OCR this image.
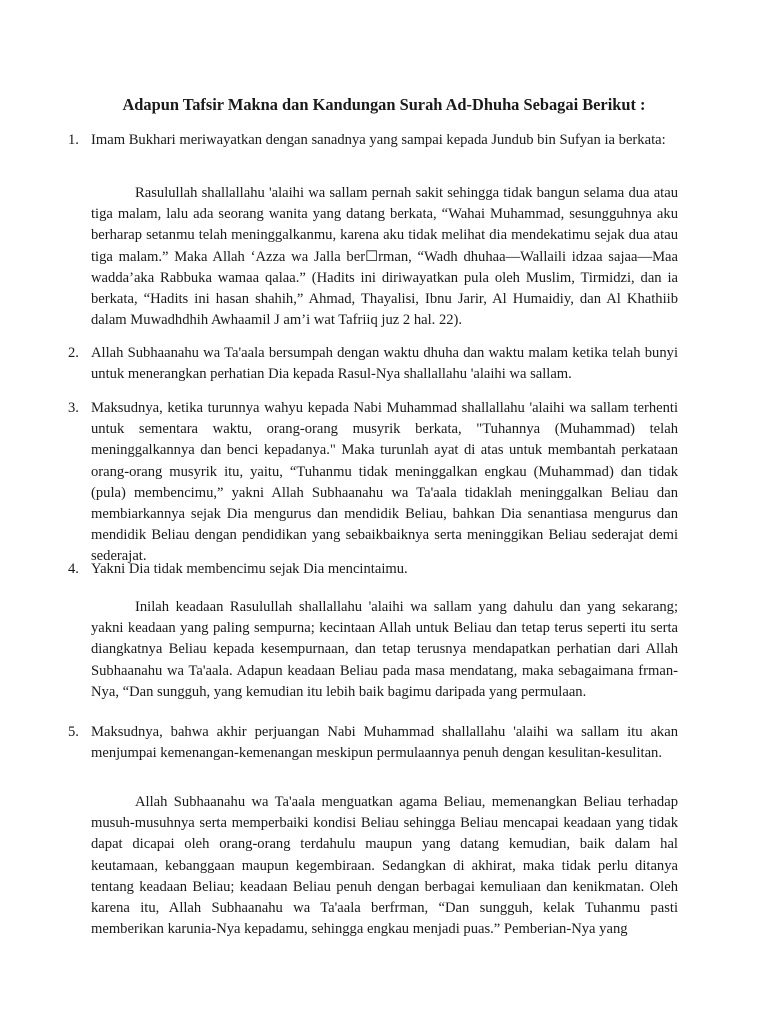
Adapun Tafsir Makna dan Kandungan Surah Ad-Dhuha Sebagai Berikut :
1. Imam Bukhari meriwayatkan dengan sanadnya yang sampai kepada Jundub bin Sufyan ia berkata:
Rasulullah shallallahu 'alaihi wa sallam pernah sakit sehingga tidak bangun selama dua atau tiga malam, lalu ada seorang wanita yang datang berkata, “Wahai Muhammad, sesungguhnya aku berharap setanmu telah meninggalkanmu, karena aku tidak melihat dia mendekatimu sejak dua atau tiga malam.” Maka Allah ‘Azza wa Jalla ber☐rman, “Wadh dhuhaa—Wallaili idzaa sajaa—Maa wadda’aka Rabbuka wamaa qalaa.” (Hadits ini diriwayatkan pula oleh Muslim, Tirmidzi, dan ia berkata, “Hadits ini hasan shahih,” Ahmad, Thayalisi, Ibnu Jarir, Al Humaidiy, dan Al Khathiib dalam Muwadhdhih Awhaamil J am’i wat Tafriiq juz 2 hal. 22).
2. Allah Subhaanahu wa Ta'aala bersumpah dengan waktu dhuha dan waktu malam ketika telah bunyi untuk menerangkan perhatian Dia kepada Rasul-Nya shallallahu 'alaihi wa sallam.
3. Maksudnya, ketika turunnya wahyu kepada Nabi Muhammad shallallahu 'alaihi wa sallam terhenti untuk sementara waktu, orang-orang musyrik berkata, "Tuhannya (Muhammad) telah meninggalkannya dan benci kepadanya." Maka turunlah ayat di atas untuk membantah perkataan orang-orang musyrik itu, yaitu, “Tuhanmu tidak meninggalkan engkau (Muhammad) dan tidak (pula) membencimu,” yakni Allah Subhaanahu wa Ta'aala tidaklah meninggalkan Beliau dan membiarkannya sejak Dia mengurus dan mendidik Beliau, bahkan Dia senantiasa mengurus dan mendidik Beliau dengan pendidikan yang sebaikbaiknya serta meninggikan Beliau sederajat demi sederajat.
4. Yakni Dia tidak membencimu sejak Dia mencintaimu.
Inilah keadaan Rasulullah shallallahu 'alaihi wa sallam yang dahulu dan yang sekarang; yakni keadaan yang paling sempurna; kecintaan Allah untuk Beliau dan tetap terus seperti itu serta diangkatnya Beliau kepada kesempurnaan, dan tetap terusnya mendapatkan perhatian dari Allah Subhaanahu wa Ta'aala. Adapun keadaan Beliau pada masa mendatang, maka sebagaimana frman-Nya, “Dan sungguh, yang kemudian itu lebih baik bagimu daripada yang permulaan.
5. Maksudnya, bahwa akhir perjuangan Nabi Muhammad shallallahu 'alaihi wa sallam itu akan menjumpai kemenangan-kemenangan meskipun permulaannya penuh dengan kesulitan-kesulitan.
Allah Subhaanahu wa Ta'aala menguatkan agama Beliau, memenangkan Beliau terhadap musuh-musuhnya serta memperbaiki kondisi Beliau sehingga Beliau mencapai keadaan yang tidak dapat dicapai oleh orang-orang terdahulu maupun yang datang kemudian, baik dalam hal keutamaan, kebanggaan maupun kegembiraan. Sedangkan di akhirat, maka tidak perlu ditanya tentang keadaan Beliau; keadaan Beliau penuh dengan berbagai kemuliaan dan kenikmatan. Oleh karena itu, Allah Subhaanahu wa Ta'aala berfrman, “Dan sungguh, kelak Tuhanmu pasti memberikan karunia-Nya kepadamu, sehingga engkau menjadi puas.” Pemberian-Nya yang
